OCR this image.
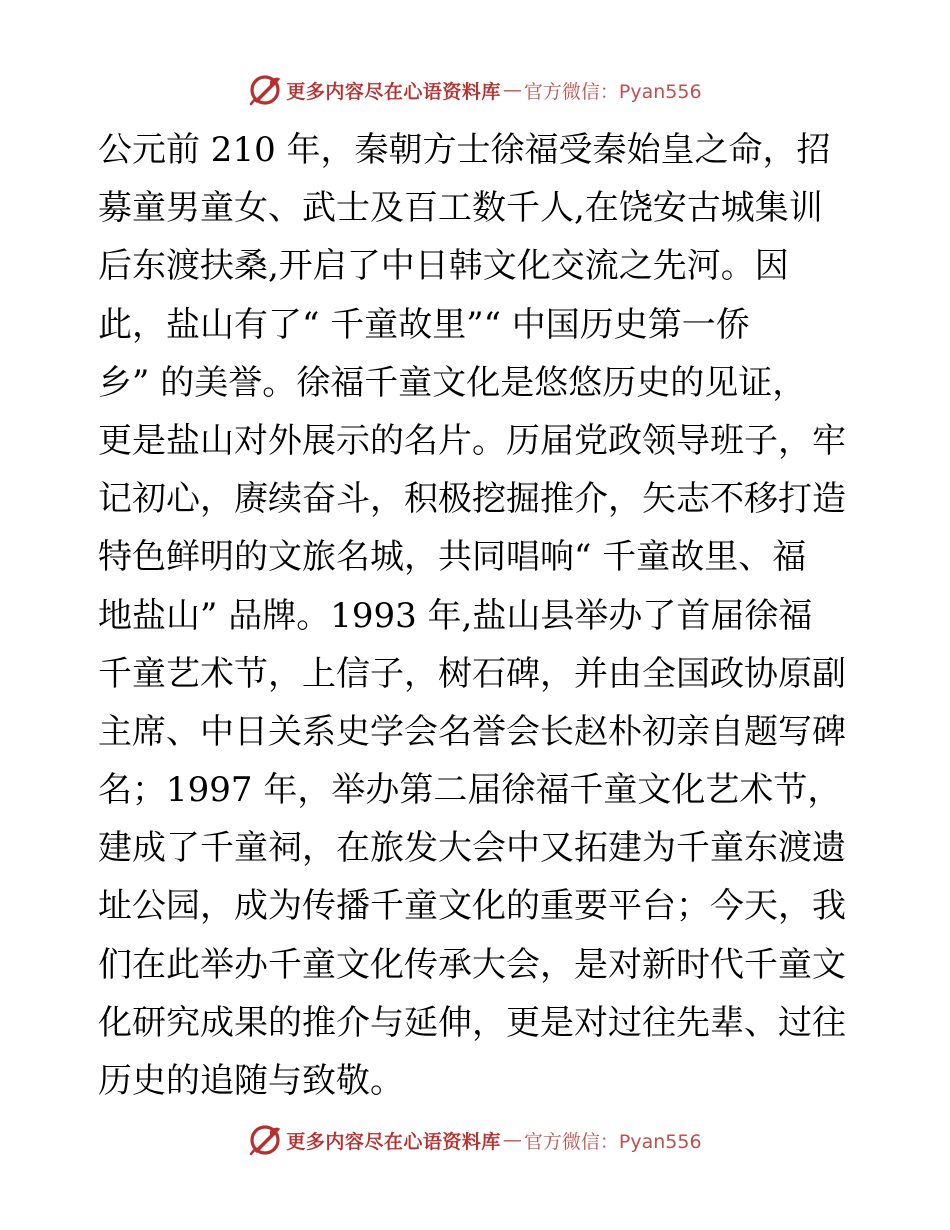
更多内容尽在心语资料库 — 官方微信：Pyan556
公元前 210 年，秦朝方士徐福受秦始皇之命，招
募童男童女、武士及百工数千人,在饶安古城集训
后东渡扶桑,开启了中日韩文化交流之先河。因
此，盐山有了“ 千童故里”“ 中国历史第一侨
乡” 的美誉。徐福千童文化是悠悠历史的见证，
更是盐山对外展示的名片。历届党政领导班子，牢
记初心，赓续奋斗，积极挖掘推介，矢志不移打造
特色鲜明的文旅名城，共同唱响“ 千童故里、福
地盐山” 品牌。1993 年,盐山县举办了首届徐福
千童艺术节，上信子，树石碑，并由全国政协原副
主席、中日关系史学会名誉会长赵朴初亲自题写碑
名；1997 年，举办第二届徐福千童文化艺术节，
建成了千童祠，在旅发大会中又拓建为千童东渡遗
址公园，成为传播千童文化的重要平台；今天，我
们在此举办千童文化传承大会，是对新时代千童文
化研究成果的推介与延伸，更是对过往先辈、过往
历史的追随与致敬。
更多内容尽在心语资料库 — 官方微信：Pyan556
